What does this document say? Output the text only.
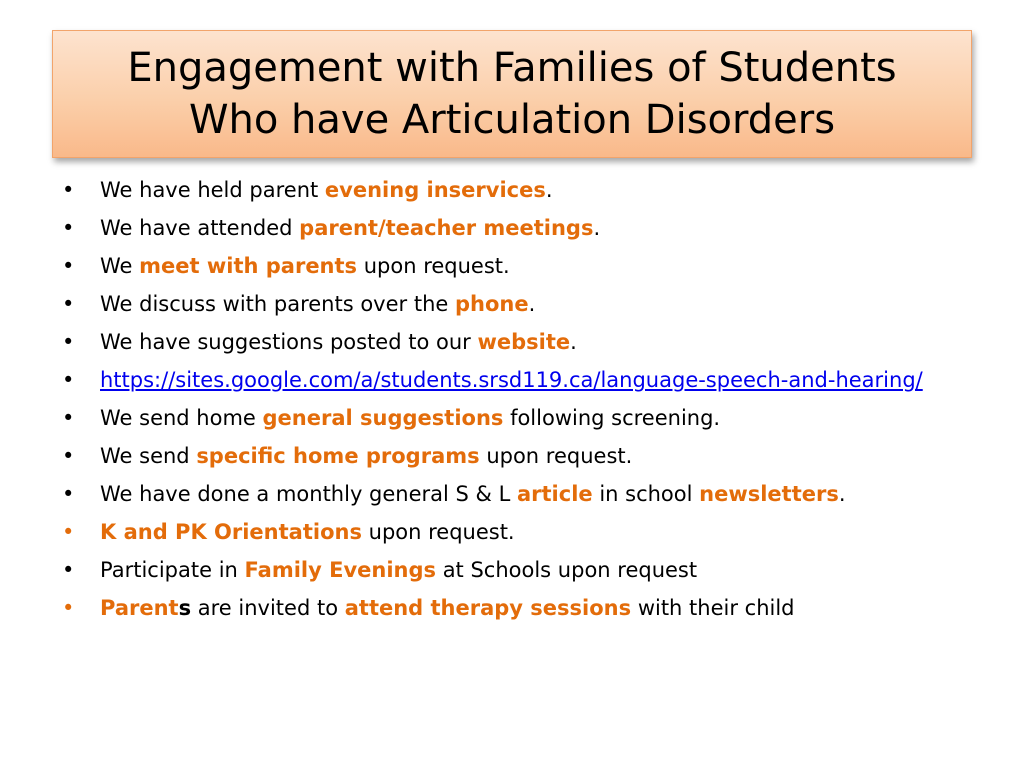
Engagement with Families of Students
Who have Articulation Disorders
• We have held parent evening inservices.
• We have attended parent/teacher meetings.
• We meet with parents upon request.
• We discuss with parents over the phone.
• We have suggestions posted to our website.
• https://sites.google.com/a/students.srsd119.ca/language-speech-and-hearing/
• We send home general suggestions following screening.
• We send specific home programs upon request.
• We have done a monthly general S & L article in school newsletters.
• K and PK Orientations upon request.
• Participate in Family Evenings at Schools upon request
• Parents are invited to attend therapy sessions with their child
